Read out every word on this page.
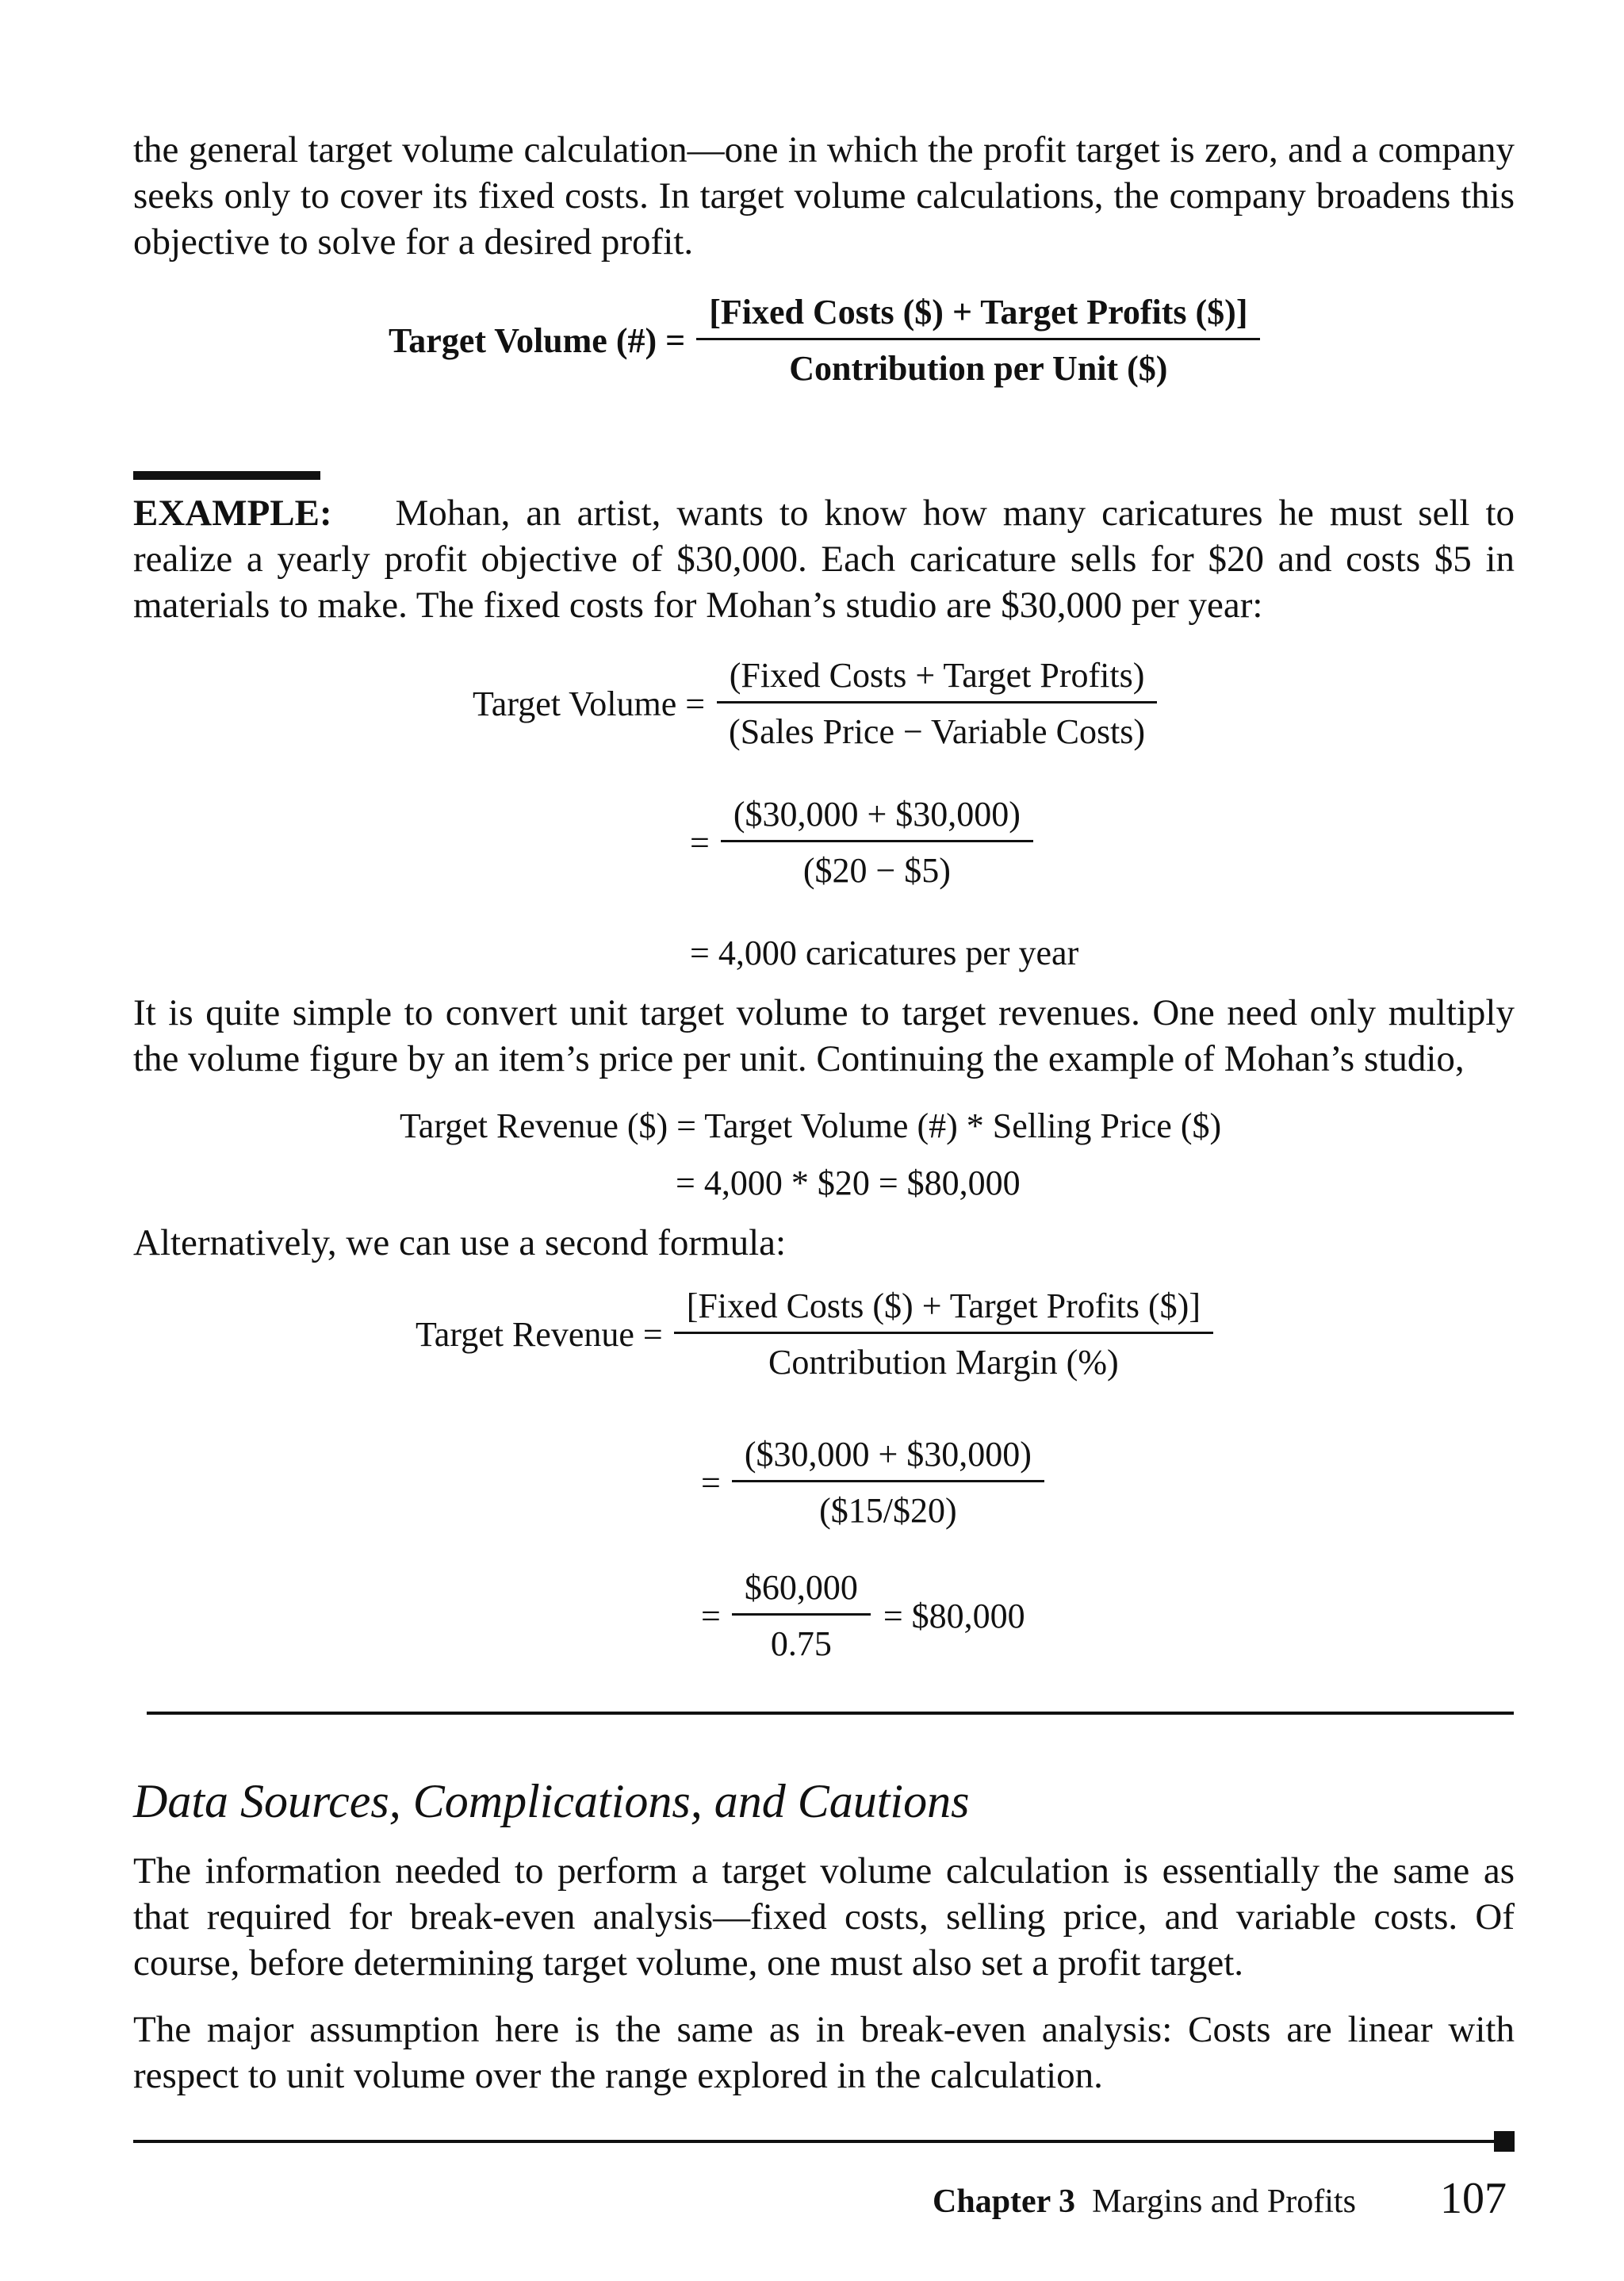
the general target volume calculation—one in which the profit target is zero, and a company seeks only to cover its fixed costs. In target volume calculations, the company broadens this objective to solve for a desired profit.

Target Volume (#) = $\frac{\text{[Fixed Costs (\$) + Target Profits (\$)]}}{\text{Contribution per Unit (\$)}}$

EXAMPLE: Mohan, an artist, wants to know how many caricatures he must sell to realize a yearly profit objective of $30,000. Each caricature sells for $20 and costs $5 in materials to make. The fixed costs for Mohan’s studio are $30,000 per year:

Target Volume = $\frac{\text{(Fixed Costs + Target Profits)}}{\text{(Sales Price − Variable Costs)}}$
= $\frac{(\$30,000 + \$30,000)}{(\$20 - \$5)}$
= 4,000 caricatures per year

It is quite simple to convert unit target volume to target revenues. One need only multiply the volume figure by an item’s price per unit. Continuing the example of Mohan’s studio,

Target Revenue ($) = Target Volume (#) * Selling Price ($)
= 4,000 * $20 = $80,000

Alternatively, we can use a second formula:

Target Revenue = $\frac{\text{[Fixed Costs (\$) + Target Profits (\$)]}}{\text{Contribution Margin (\%)}}$
= $\frac{(\$30,000 + \$30,000)}{(\$15/\$20)}$
= $\frac{\$60,000}{0.75}$ = $80,000
Data Sources, Complications, and Cautions

The information needed to perform a target volume calculation is essentially the same as that required for break-even analysis—fixed costs, selling price, and variable costs. Of course, before determining target volume, one must also set a profit target.

The major assumption here is the same as in break-even analysis: Costs are linear with respect to unit volume over the range explored in the calculation.

Chapter 3 Margins and Profits 107
